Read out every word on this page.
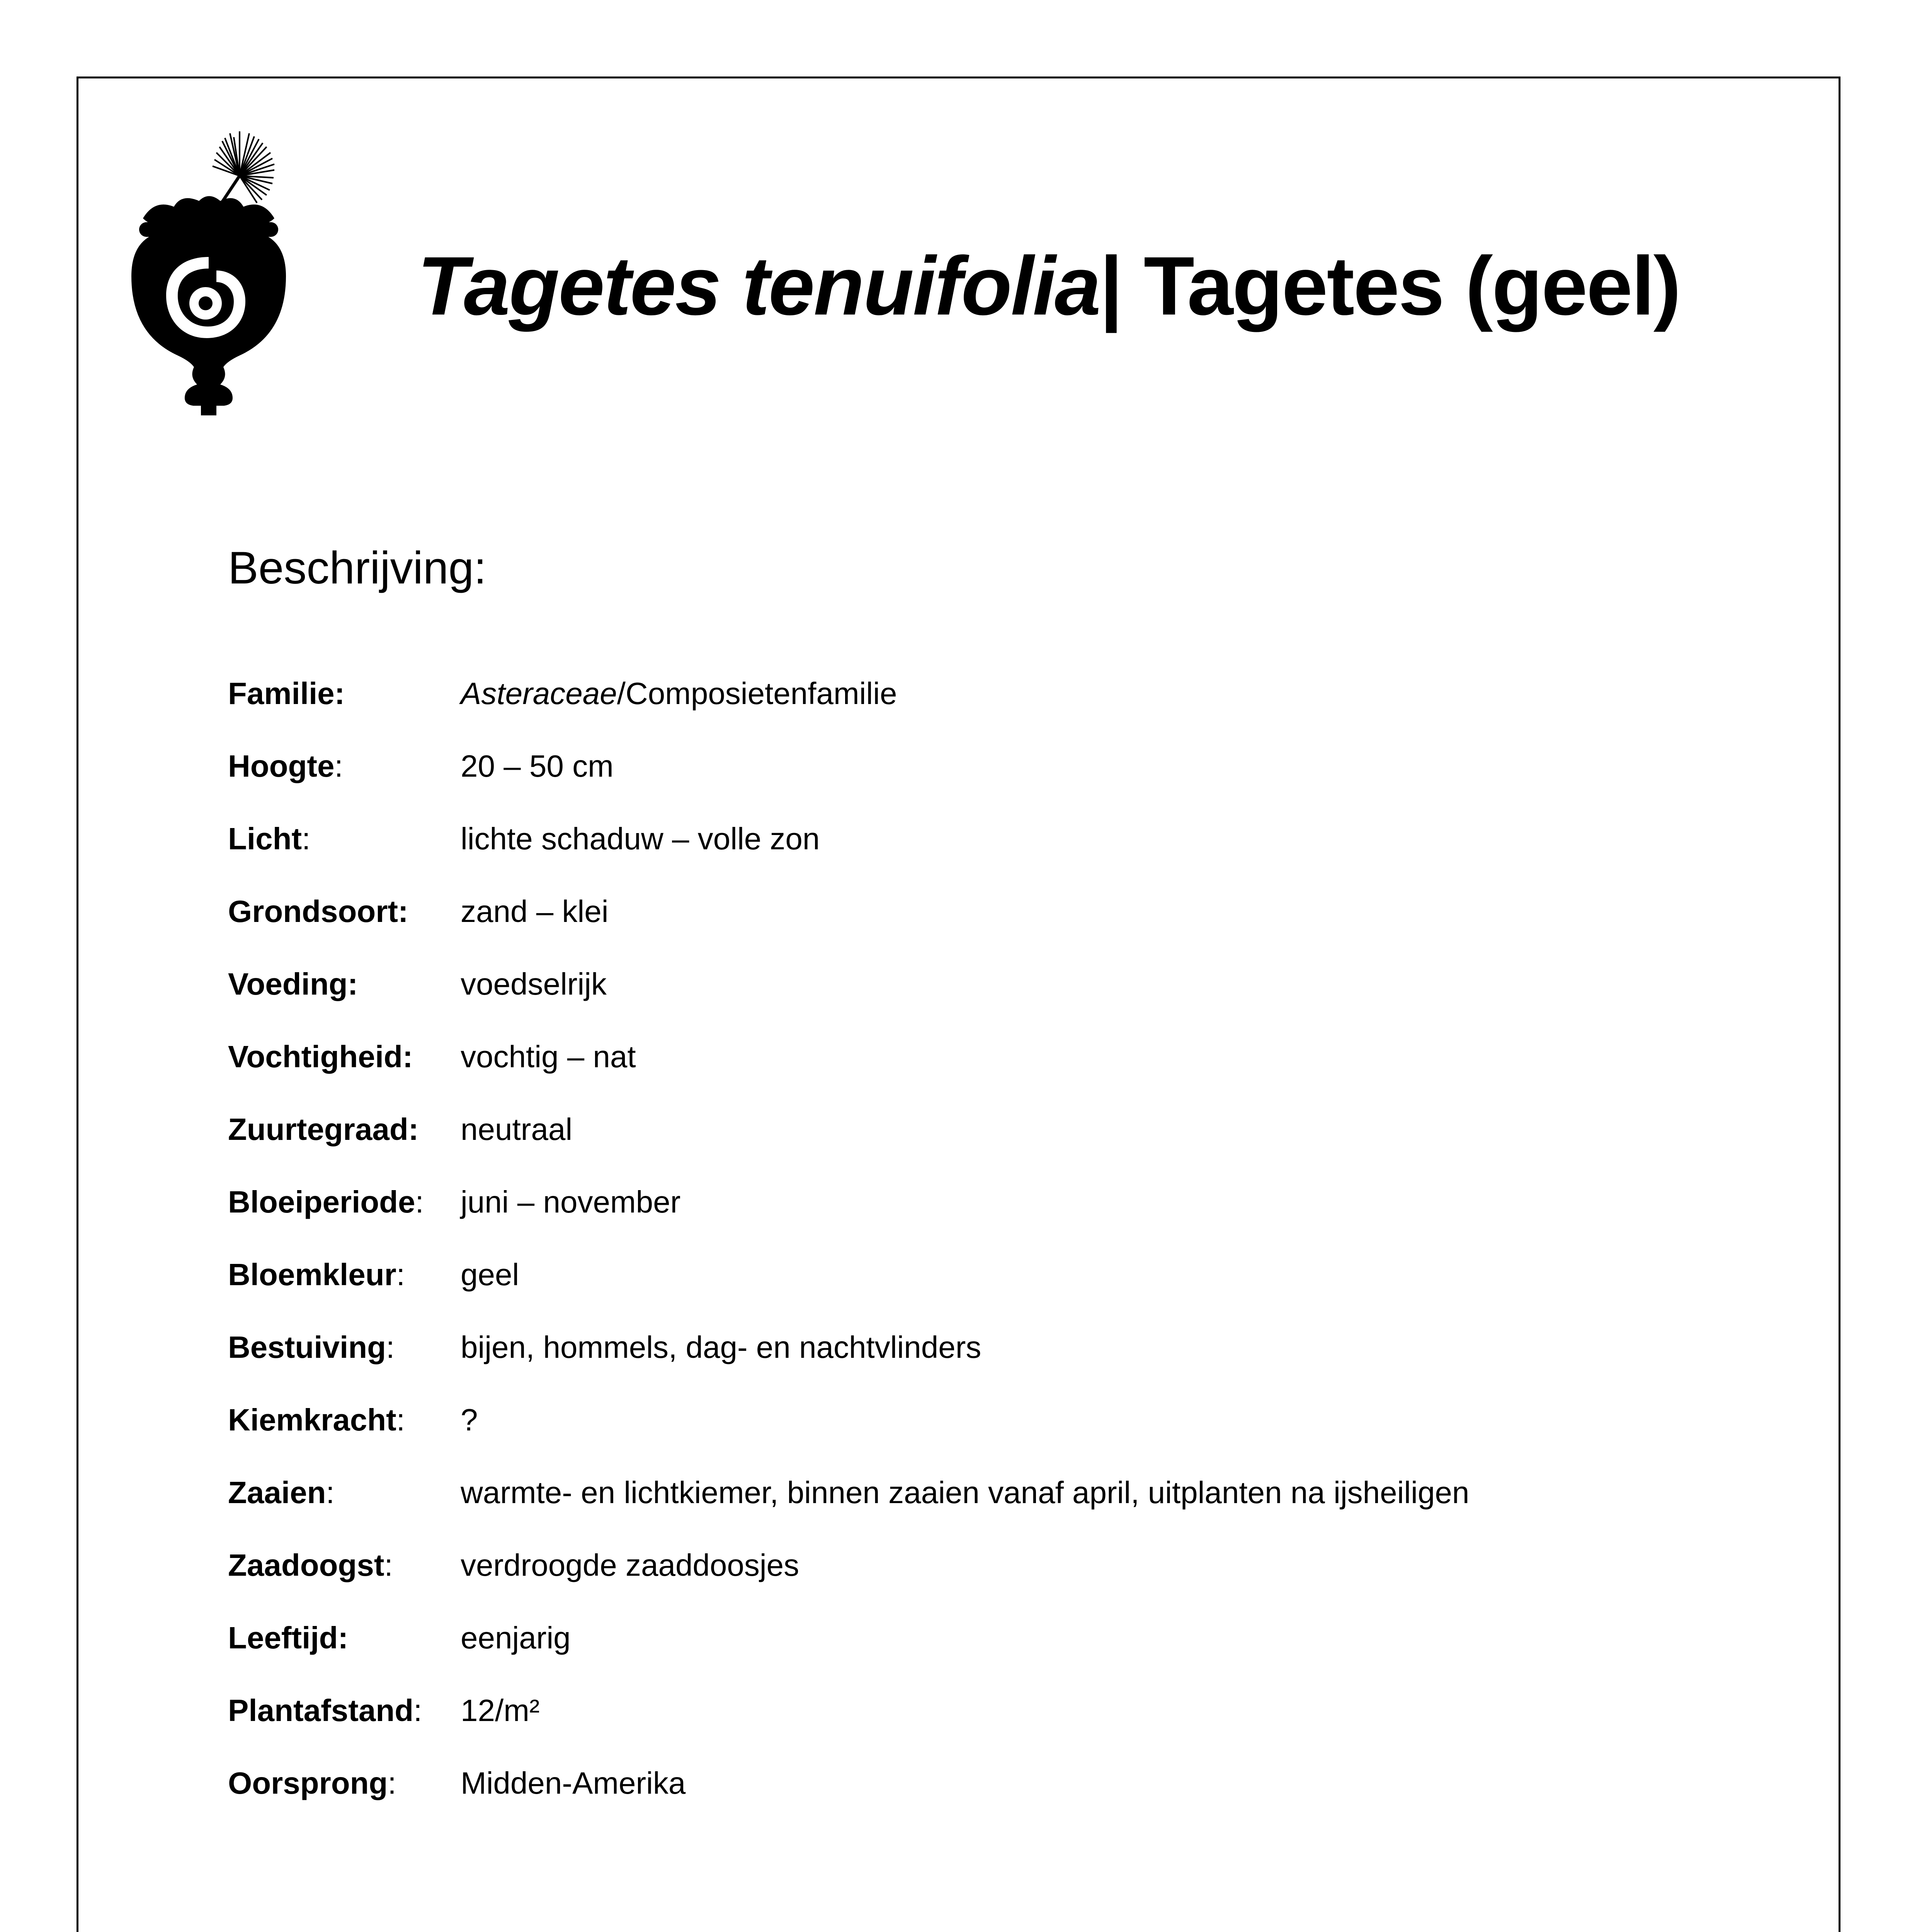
Tagetes tenuifolia| Tagetes (geel)
Beschrijving:
Familie:	Asteraceae/Composietenfamilie
Hoogte:	20 – 50 cm
Licht:	lichte schaduw – volle zon
Grondsoort: zand – klei
Voeding:	voedselrijk
Vochtigheid: vochtig – nat
Zuurtegraad: neutraal
Bloeiperiode: juni – november
Bloemkleur: geel
Bestuiving: bijen, hommels, dag- en nachtvlinders
Kiemkracht: ?
Zaaien:	warmte- en lichtkiemer, binnen zaaien vanaf april, uitplanten na ijsheiligen
Zaadoogst: verdroogde zaaddoosjes
Leeftijd:	eenjarig
Plantafstand: 12/m²
Oorsprong: Midden-Amerika
